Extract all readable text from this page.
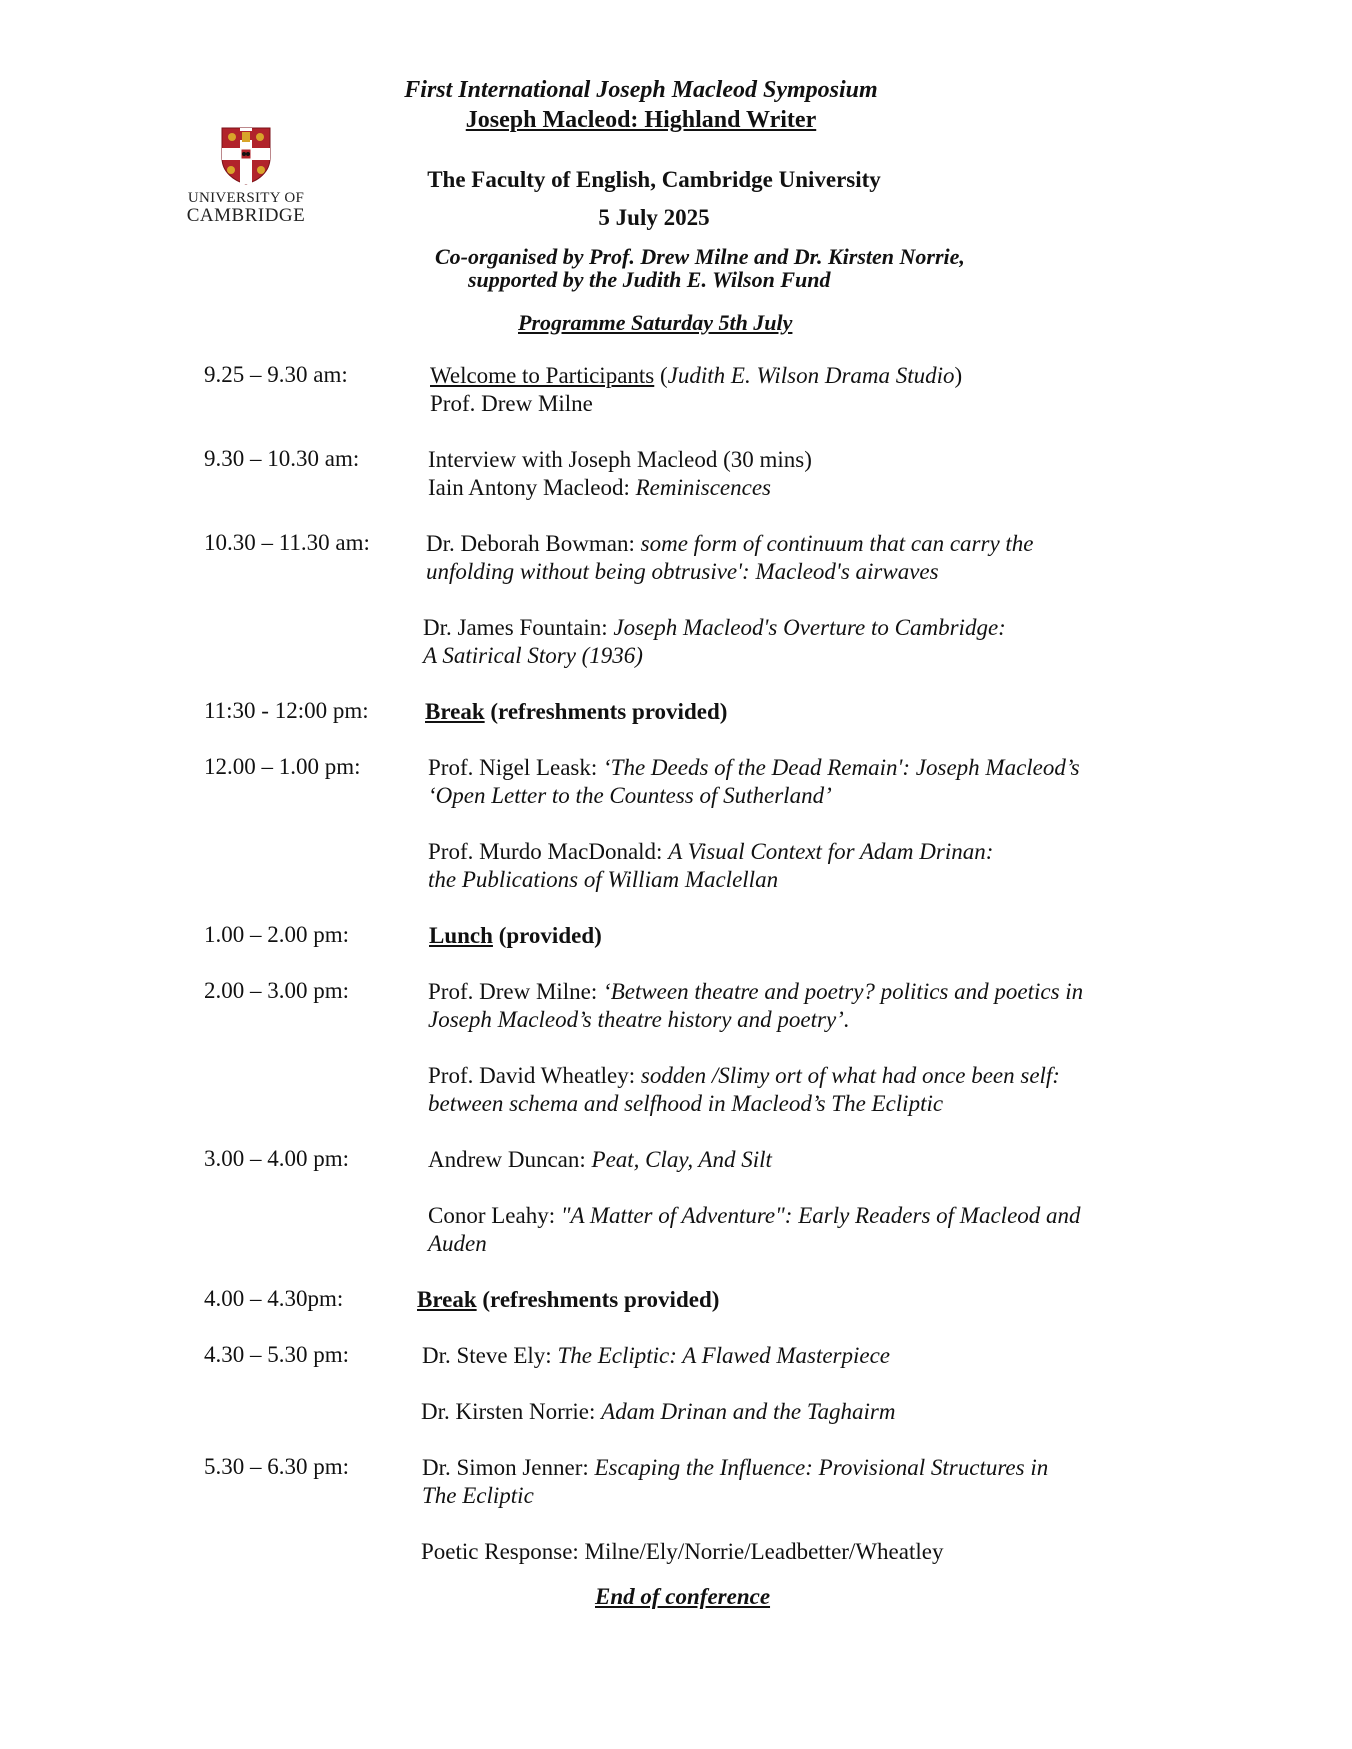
UNIVERSITY OF
CAMBRIDGE
First International Joseph Macleod Symposium
Joseph Macleod: Highland Writer
The Faculty of English, Cambridge University
5 July 2025
Co-organised by Prof. Drew Milne and Dr. Kirsten Norrie,
supported by the Judith E. Wilson Fund
Programme Saturday 5th July
9.25 – 9.30 am:	Welcome to Participants (Judith E. Wilson Drama Studio)
Prof. Drew Milne
9.30 – 10.30 am:	Interview with Joseph Macleod (30 mins)
Iain Antony Macleod: Reminiscences
10.30 – 11.30 am: Dr. Deborah Bowman: some form of continuum that can carry the
unfolding without being obtrusive': Macleod's airwaves
Dr. James Fountain: Joseph Macleod's Overture to Cambridge:
A Satirical Story (1936)
11:30 - 12:00 pm: Break (refreshments provided)
12.00 – 1.00 pm:	Prof. Nigel Leask: ‘The Deeds of the Dead Remain': Joseph Macleod’s
‘Open Letter to the Countess of Sutherland’
Prof. Murdo MacDonald: A Visual Context for Adam Drinan:
the Publications of William Maclellan
1.00 – 2.00 pm:	Lunch (provided)
2.00 – 3.00 pm:	Prof. Drew Milne: ‘Between theatre and poetry? politics and poetics in
Joseph Macleod’s theatre history and poetry’.
Prof. David Wheatley: sodden /Slimy ort of what had once been self:
between schema and selfhood in Macleod’s The Ecliptic
3.00 – 4.00 pm:	Andrew Duncan: Peat, Clay, And Silt
Conor Leahy: "A Matter of Adventure": Early Readers of Macleod and
Auden
4.00 – 4.30pm:	Break (refreshments provided)
4.30 – 5.30 pm:	Dr. Steve Ely: The Ecliptic: A Flawed Masterpiece
Dr. Kirsten Norrie: Adam Drinan and the Taghairm
5.30 – 6.30 pm:	Dr. Simon Jenner: Escaping the Influence: Provisional Structures in
The Ecliptic
Poetic Response: Milne/Ely/Norrie/Leadbetter/Wheatley
End of conference
